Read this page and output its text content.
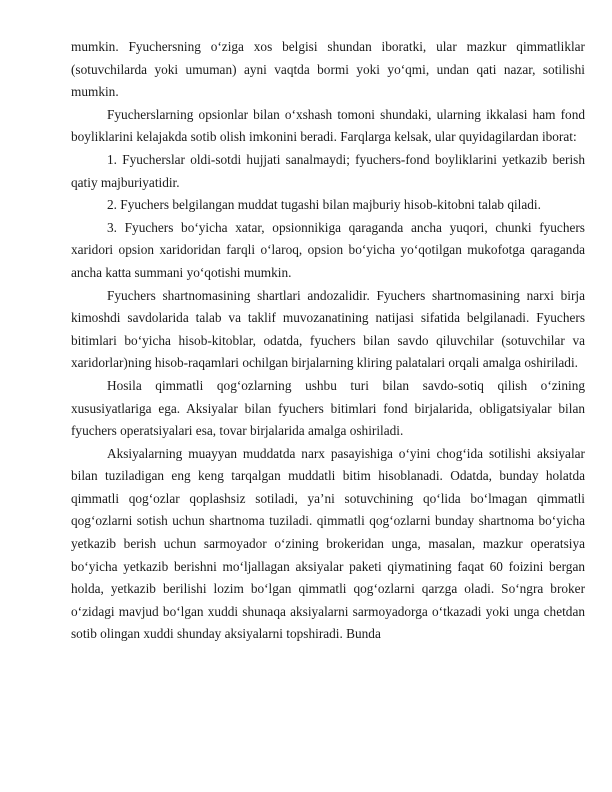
mumkin. Fyuchersning o‘ziga xos belgisi shundan iboratki, ular mazkur qimmatliklar (sotuvchilarda yoki umuman) ayni vaqtda bormi yoki yo‘qmi, undan qati nazar, sotilishi mumkin.

Fyucherslarning opsionlar bilan o‘xshash tomoni shundaki, ularning ikkalasi ham fond boyliklarini kelajakda sotib olish imkonini beradi. Farqlarga kelsak, ular quyidagilardan iborat:

1. Fyucherslar oldi-sotdi hujjati sanalmaydi; fyuchers-fond boyliklarini yetkazib berish qatiy majburiyatidir.

2. Fyuchers belgilangan muddat tugashi bilan majburiy hisob-kitobni talab qiladi.

3. Fyuchers bo‘yicha xatar, opsionnikiga qaraganda ancha yuqori, chunki fyuchers xaridori opsion xaridoridan farqli o‘laroq, opsion bo‘yicha yo‘qotilgan mukofotga qaraganda ancha katta summani yo‘qotishi mumkin.

Fyuchers shartnomasining shartlari andozalidir. Fyuchers shartnomasining narxi birja kimoshdi savdolarida talab va taklif muvozanatining natijasi sifatida belgilanadi. Fyuchers bitimlari bo‘yicha hisob-kitoblar, odatda, fyuchers bilan savdo qiluvchilar (sotuvchilar va xaridorlar)ning hisob-raqamlari ochilgan birjalarning kliring palatalari orqali amalga oshiriladi.

Hosila qimmatli qog‘ozlarning ushbu turi bilan savdo-sotiq qilish o‘zining xususiyatlariga ega. Aksiyalar bilan fyuchers bitimlari fond birjalarida, obligatsiyalar bilan fyuchers operatsiyalari esa, tovar birjalarida amalga oshiriladi.

Aksiyalarning muayyan muddatda narx pasayishiga o‘yini chog‘ida sotilishi aksiyalar bilan tuziladigan eng keng tarqalgan muddatli bitim hisoblanadi. Odatda, bunday holatda qimmatli qog‘ozlar qoplashsiz sotiladi, ya’ni sotuvchining qo‘lida bo‘lmagan qimmatli qog‘ozlarni sotish uchun shartnoma tuziladi. qimmatli qog‘ozlarni bunday shartnoma bo‘yicha yetkazib berish uchun sarmoyador o‘zining brokeridan unga, masalan, mazkur operatsiya bo‘yicha yetkazib berishni mo‘ljallagan aksiyalar paketi qiymatining faqat 60 foizini bergan holda, yetkazib berilishi lozim bo‘lgan qimmatli qog‘ozlarni qarzga oladi. So‘ngra broker o‘zidagi mavjud bo‘lgan xuddi shunaqa aksiyalarni sarmoyadorga o‘tkazadi yoki unga chetdan sotib olingan xuddi shunday aksiyalarni topshiradi. Bunda
